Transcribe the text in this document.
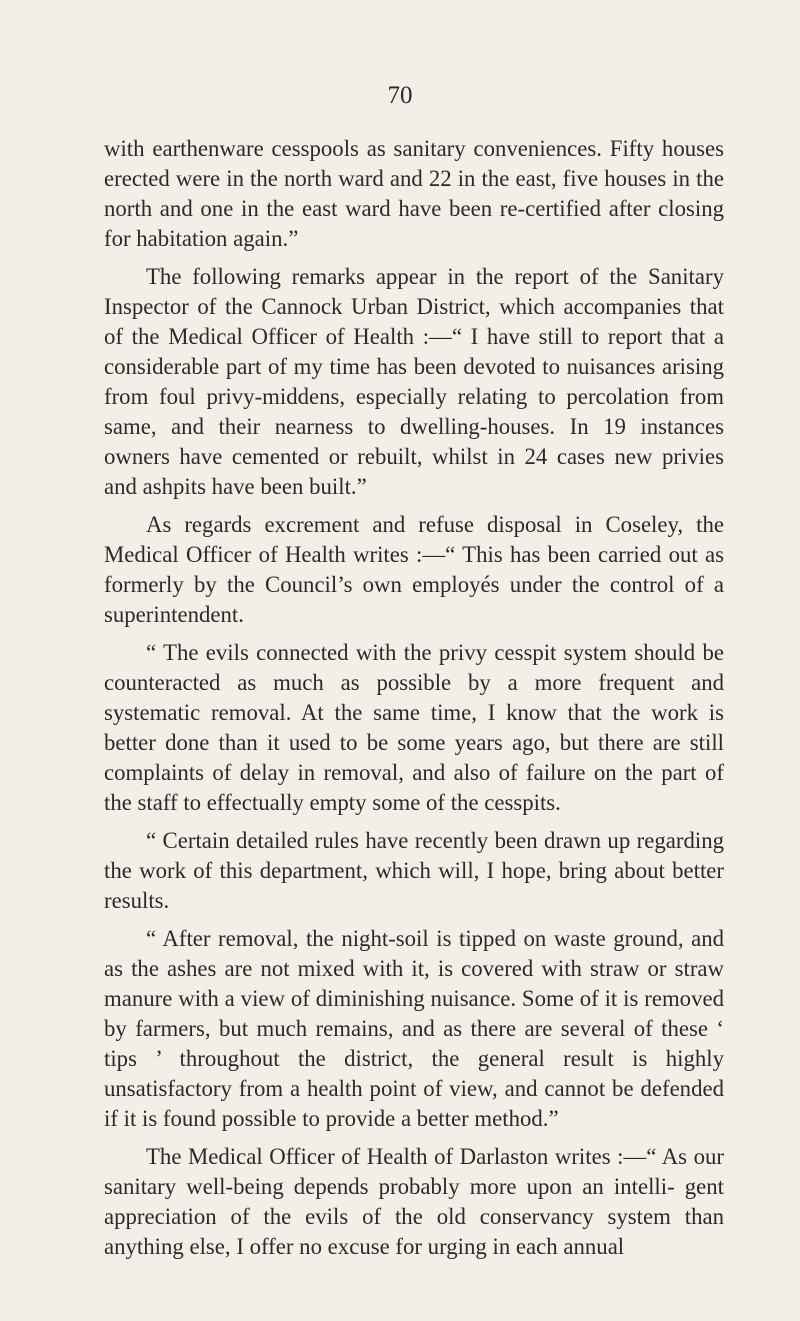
70

with earthenware cesspools as sanitary conveniences. Fifty houses erected were in the north ward and 22 in the east, five houses in the north and one in the east ward have been re-certified after closing for habitation again.”

The following remarks appear in the report of the Sanitary Inspector of the Cannock Urban District, which accompanies that of the Medical Officer of Health :—“ I have still to report that a considerable part of my time has been devoted to nuisances arising from foul privy-middens, especially relating to percolation from same, and their nearness to dwelling-houses. In 19 instances owners have cemented or rebuilt, whilst in 24 cases new privies and ashpits have been built.”

As regards excrement and refuse disposal in Coseley, the Medical Officer of Health writes :—“ This has been carried out as formerly by the Council’s own employés under the control of a superintendent.

“ The evils connected with the privy cesspit system should be counteracted as much as possible by a more frequent and systematic removal. At the same time, I know that the work is better done than it used to be some years ago, but there are still complaints of delay in removal, and also of failure on the part of the staff to effectually empty some of the cesspits.

“ Certain detailed rules have recently been drawn up regarding the work of this department, which will, I hope, bring about better results.

“ After removal, the night-soil is tipped on waste ground, and as the ashes are not mixed with it, is covered with straw or straw manure with a view of diminishing nuisance. Some of it is removed by farmers, but much remains, and as there are several of these ‘ tips ’ throughout the district, the general result is highly unsatisfactory from a health point of view, and cannot be defended if it is found possible to provide a better method.”

The Medical Officer of Health of Darlaston writes :—“ As our sanitary well-being depends probably more upon an intelli- gent appreciation of the evils of the old conservancy system than anything else, I offer no excuse for urging in each annual
